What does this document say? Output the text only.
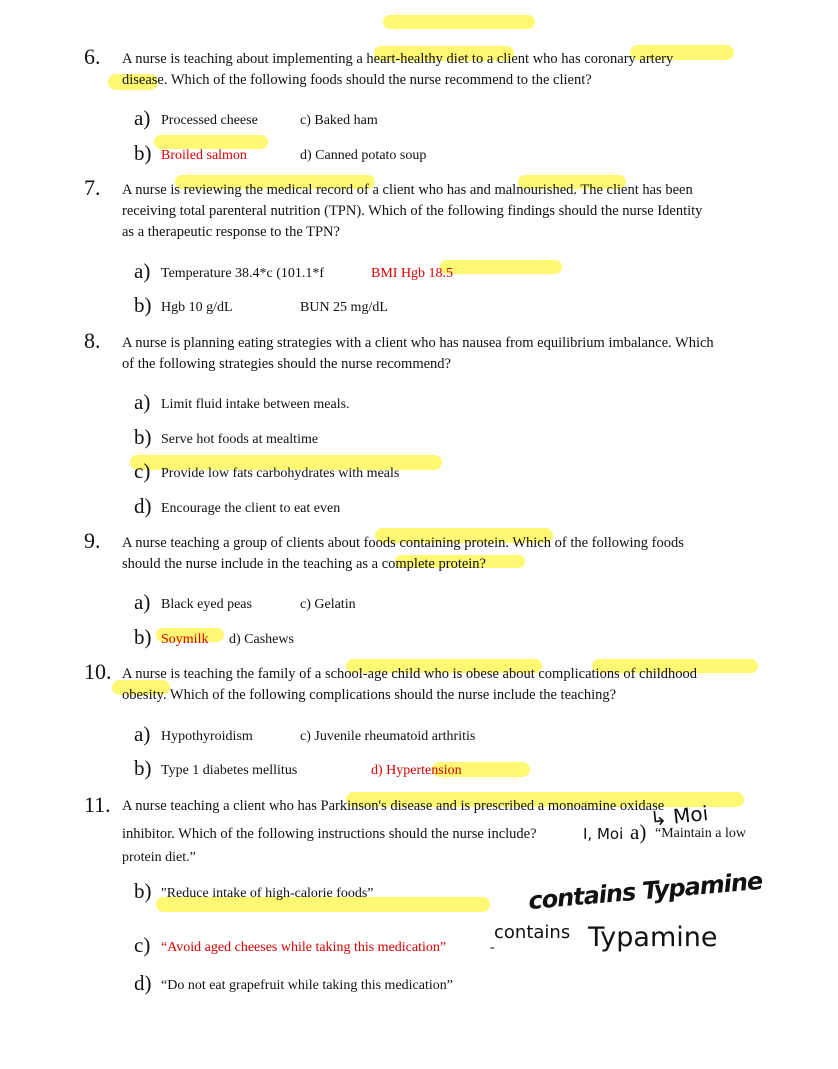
6. A nurse is teaching about implementing a heart-healthy diet to a client who has coronary artery
disease. Which of the following foods should the nurse recommend to the client?
a) Processed cheese	c) Baked ham
b) Broiled salmon	d) Canned potato soup
7. A nurse is reviewing the medical record of a client who has and malnourished. The client has been
receiving total parenteral nutrition (TPN). Which of the following findings should the nurse Identity
as a therapeutic response to the TPN?
a) Temperature 38.4*c (101.1*f	BMI Hgb 18.5
b) Hgb 10 g/dL	BUN 25 mg/dL
8. A nurse is planning eating strategies with a client who has nausea from equilibrium imbalance. Which
of the following strategies should the nurse recommend?
a) Limit fluid intake between meals.
b) Serve hot foods at mealtime
c) Provide low fats carbohydrates with meals
d) Encourage the client to eat even
9. A nurse teaching a group of clients about foods containing protein. Which of the following foods
should the nurse include in the teaching as a complete protein?
a) Black eyed peas	c) Gelatin
b) Soymilk d) Cashews
10. A nurse is teaching the family of a school-age child who is obese about complications of childhood
obesity. Which of the following complications should the nurse include the teaching?
a) Hypothyroidism	c) Juvenile rheumatoid arthritis
b) Type 1 diabetes mellitus	d) Hypertension
11. A nurse teaching a client who has Parkinson's disease and is prescribed a monoamine oxidase
inhibitor. Which of the following instructions should the nurse include?	I, Moi a) “Maintain a low
protein diet.”
b) "Reduce intake of high-calorie foods”
c) “Avoid aged cheeses while taking this medication”	-
d) “Do not eat grapefruit while taking this medication”
↳ Moi
contains Typamine
contains Typamine
